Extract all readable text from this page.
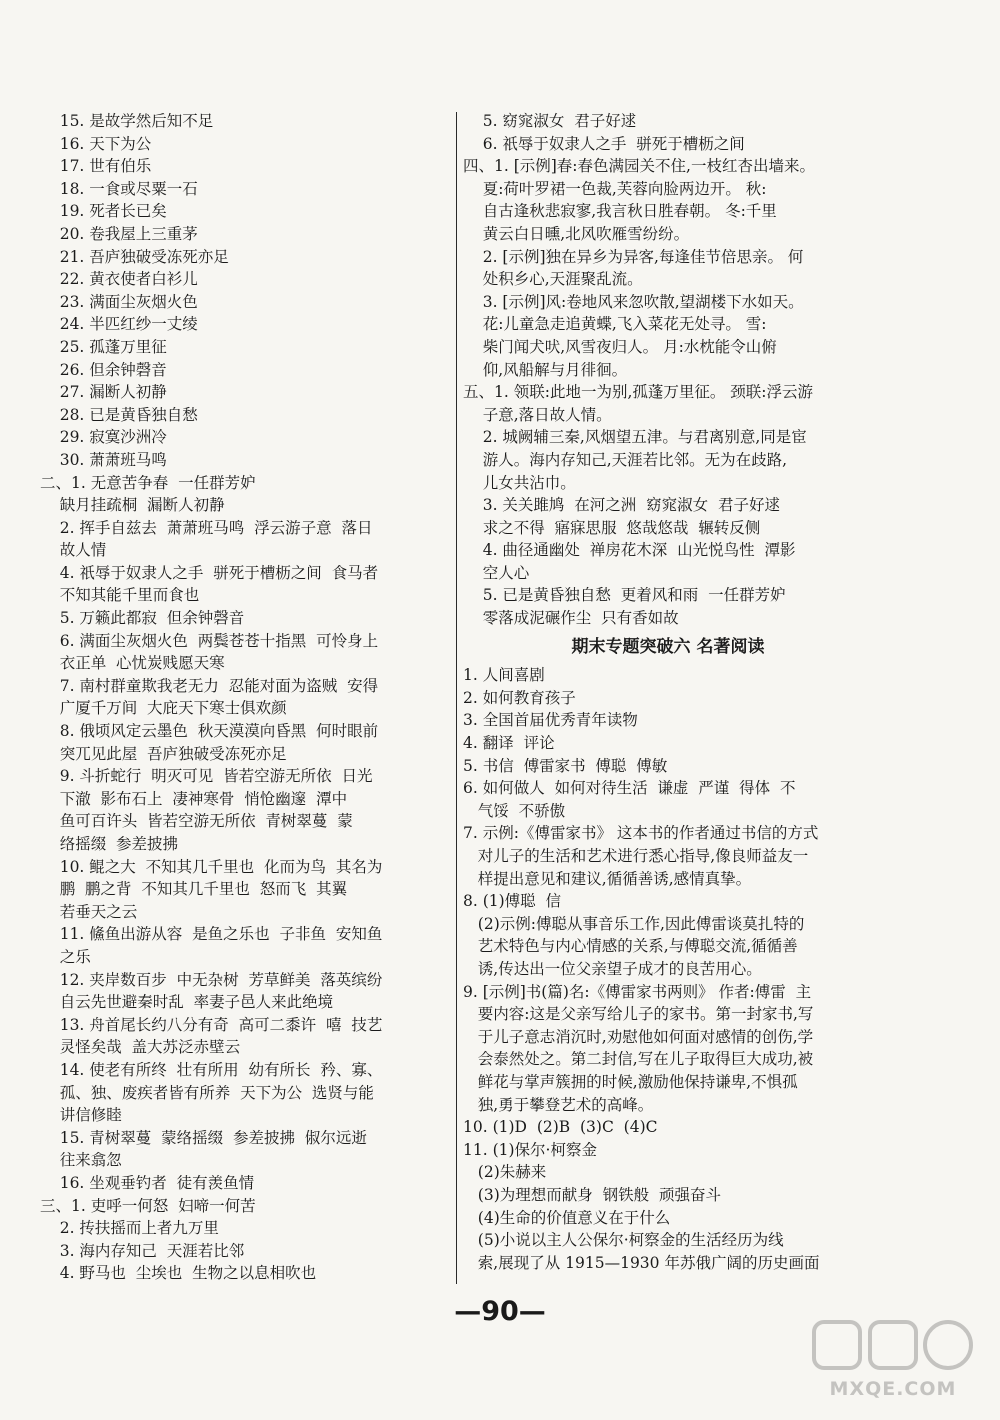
15. 是故学然后知不足
16. 天下为公
17. 世有伯乐
18. 一食或尽粟一石
19. 死者长已矣
20. 卷我屋上三重茅
21. 吾庐独破受冻死亦足
22. 黄衣使者白衫儿
23. 满面尘灰烟火色
24. 半匹红纱一丈绫
25. 孤蓬万里征
26. 但余钟磬音
27. 漏断人初静
28. 已是黄昏独自愁
29. 寂寞沙洲冷
30. 萧萧班马鸣
二、1. 无意苦争春  一任群芳妒
缺月挂疏桐  漏断人初静
2. 挥手自兹去  萧萧班马鸣  浮云游子意  落日
故人情
4. 祇辱于奴隶人之手  骈死于槽枥之间  食马者
不知其能千里而食也
5. 万籁此都寂  但余钟磬音
6. 满面尘灰烟火色  两鬓苍苍十指黑  可怜身上
衣正单  心忧炭贱愿天寒
7. 南村群童欺我老无力  忍能对面为盗贼  安得
广厦千万间  大庇天下寒士俱欢颜
8. 俄顷风定云墨色  秋天漠漠向昏黑  何时眼前
突兀见此屋  吾庐独破受冻死亦足
9. 斗折蛇行  明灭可见  皆若空游无所依  日光
下澈  影布石上  凄神寒骨  悄怆幽邃  潭中
鱼可百许头  皆若空游无所依  青树翠蔓  蒙
络摇缀  参差披拂
10. 鲲之大  不知其几千里也  化而为鸟  其名为
鹏  鹏之背  不知其几千里也  怒而飞  其翼
若垂天之云
11. 鯈鱼出游从容  是鱼之乐也  子非鱼  安知鱼
之乐
12. 夹岸数百步  中无杂树  芳草鲜美  落英缤纷
自云先世避秦时乱  率妻子邑人来此绝境
13. 舟首尾长约八分有奇  高可二黍许  嘻  技艺
灵怪矣哉  盖大苏泛赤壁云
14. 使老有所终  壮有所用  幼有所长  矜、寡、
孤、独、废疾者皆有所养  天下为公  选贤与能
讲信修睦
15. 青树翠蔓  蒙络摇缀  参差披拂  俶尔远逝
往来翕忽
16. 坐观垂钓者  徒有羡鱼情
三、1. 吏呼一何怒  妇啼一何苦
2. 抟扶摇而上者九万里
3. 海内存知己  天涯若比邻
4. 野马也  尘埃也  生物之以息相吹也
5. 窈窕淑女  君子好逑
6. 祇辱于奴隶人之手  骈死于槽枥之间
四、1. [示例]春:春色满园关不住,一枝红杏出墙来。
夏:荷叶罗裙一色裁,芙蓉向脸两边开。 秋:
自古逢秋悲寂寥,我言秋日胜春朝。 冬:千里
黄云白日曛,北风吹雁雪纷纷。
2. [示例]独在异乡为异客,每逢佳节倍思亲。 何
处积乡心,天涯聚乱流。
3. [示例]风:卷地风来忽吹散,望湖楼下水如天。
花:儿童急走追黄蝶,飞入菜花无处寻。 雪:
柴门闻犬吠,风雪夜归人。 月:水枕能令山俯
仰,风船解与月徘徊。
五、1. 领联:此地一为别,孤蓬万里征。 颈联:浮云游
子意,落日故人情。
2. 城阙辅三秦,风烟望五津。与君离别意,同是宦
游人。海内存知己,天涯若比邻。无为在歧路,
儿女共沾巾。
3. 关关雎鸠  在河之洲  窈窕淑女  君子好逑
求之不得  寤寐思服  悠哉悠哉  辗转反侧
4. 曲径通幽处  禅房花木深  山光悦鸟性  潭影
空人心
5. 已是黄昏独自愁  更着风和雨  一任群芳妒
零落成泥碾作尘  只有香如故
期末专题突破六 名著阅读
1. 人间喜剧
2. 如何教育孩子
3. 全国首届优秀青年读物
4. 翻译  评论
5. 书信  傅雷家书  傅聪  傅敏
6. 如何做人  如何对待生活  谦虚  严谨  得体  不
气馁  不骄傲
7. 示例:《傅雷家书》 这本书的作者通过书信的方式
对儿子的生活和艺术进行悉心指导,像良师益友一
样提出意见和建议,循循善诱,感情真挚。
8. (1)傅聪  信
(2)示例:傅聪从事音乐工作,因此傅雷谈莫扎特的
艺术特色与内心情感的关系,与傅聪交流,循循善
诱,传达出一位父亲望子成才的良苦用心。
9. [示例]书(篇)名:《傅雷家书两则》 作者:傅雷  主
要内容:这是父亲写给儿子的家书。第一封家书,写
于儿子意志消沉时,劝慰他如何面对感情的创伤,学
会泰然处之。第二封信,写在儿子取得巨大成功,被
鲜花与掌声簇拥的时候,激励他保持谦卑,不惧孤
独,勇于攀登艺术的高峰。
10. (1)D  (2)B  (3)C  (4)C
11. (1)保尔·柯察金
(2)朱赫来
(3)为理想而献身  钢铁般  顽强奋斗
(4)生命的价值意义在于什么
(5)小说以主人公保尔·柯察金的生活经历为线
索,展现了从 1915—1930 年苏俄广阔的历史画面
—90—
MXQE.COM
